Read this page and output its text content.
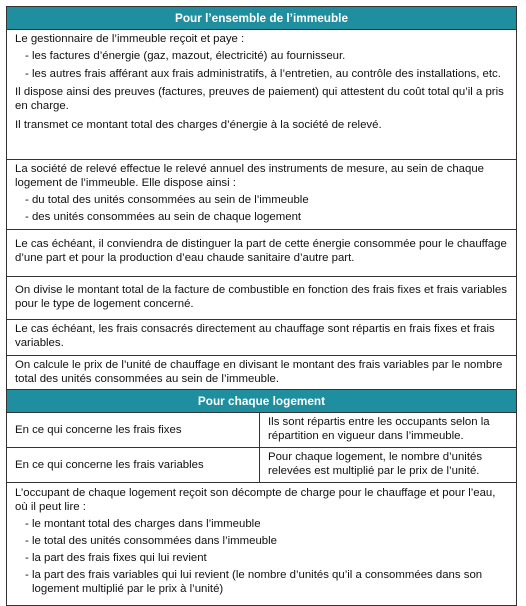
Pour l’ensemble de l’immeuble

Le gestionnaire de l’immeuble reçoit et paye :

- les factures d’énergie (gaz, mazout, électricité) au fournisseur.
- les autres frais afférant aux frais administratifs, à l’entretien, au contrôle des installations, etc.

Il dispose ainsi des preuves (factures, preuves de paiement) qui attestent du coût total qu’il a pris en charge.

Il transmet ce montant total des charges d’énergie à la société de relevé.

La société de relevé effectue le relevé annuel des instruments de mesure, au sein de chaque logement de l’immeuble. Elle dispose ainsi :

- du total des unités consommées au sein de l’immeuble
- des unités consommées au sein de chaque logement

Le cas échéant, il conviendra de distinguer la part de cette énergie consommée pour le chauffage d’une part et pour la production d’eau chaude sanitaire d’autre part.

On divise le montant total de la facture de combustible en fonction des frais fixes et frais variables pour le type de logement concerné.

Le cas échéant, les frais consacrés directement au chauffage sont répartis en frais fixes et frais variables.

On calcule le prix de l’unité de chauffage en divisant le montant des frais variables par le nombre total des unités consommées au sein de l’immeuble.

Pour chaque logement
En ce qui concerne les frais fixes
Ils sont répartis entre les occupants selon la répartition en vigueur dans l’immeuble.
En ce qui concerne les frais variables
Pour chaque logement, le nombre d’unités relevées est multiplié par le prix de l’unité.

L’occupant de chaque logement reçoit son décompte de charge pour le chauffage et pour l’eau, où il peut lire :

- le montant total des charges dans l’immeuble
- le total des unités consommées dans l’immeuble
- la part des frais fixes qui lui revient
- la part des frais variables qui lui revient (le nombre d’unités qu’il a consommées dans son logement multiplié par le prix à l’unité)
